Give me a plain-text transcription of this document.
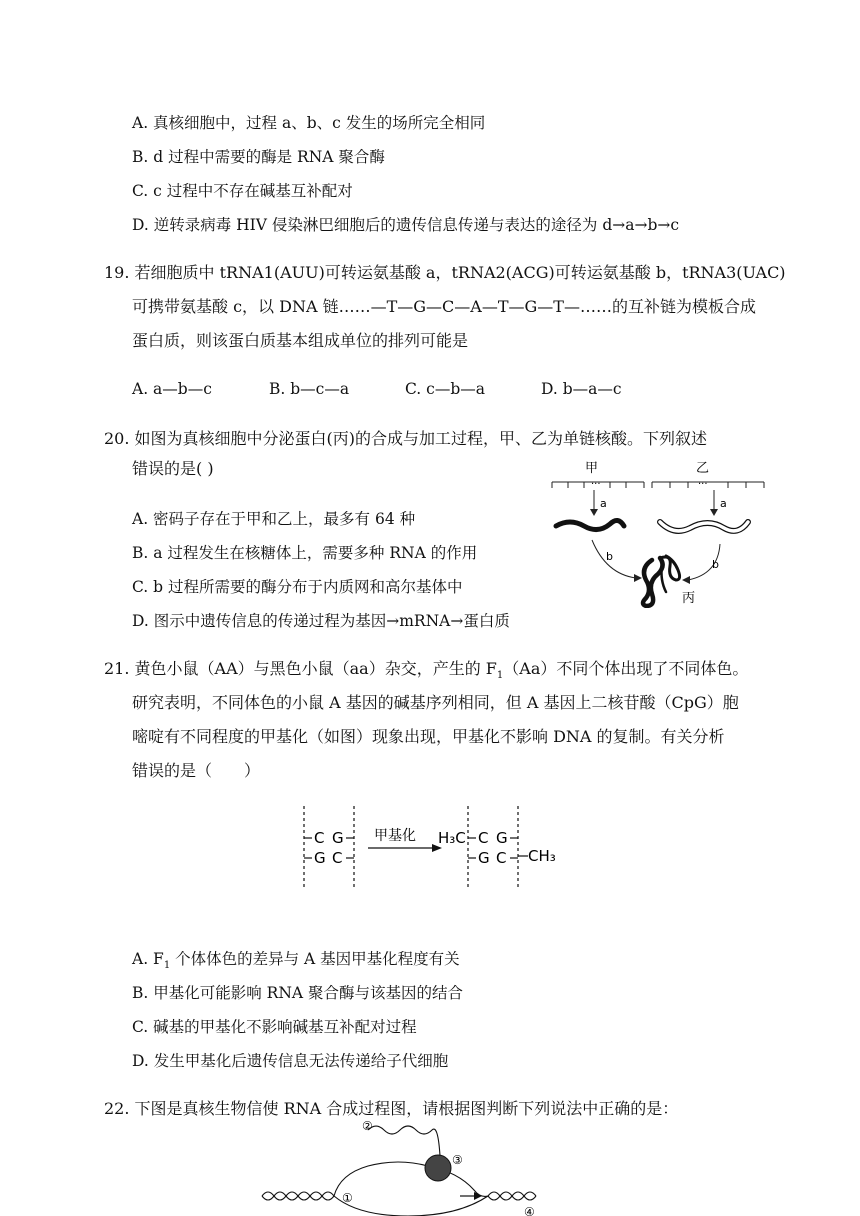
A. 真核细胞中，过程 a、b、c 发生的场所完全相同
B. d 过程中需要的酶是 RNA 聚合酶
C. c 过程中不存在碱基互补配对
D. 逆转录病毒 HIV 侵染淋巴细胞后的遗传信息传递与表达的途径为 d→a→b→c
19. 若细胞质中 tRNA1(AUU)可转运氨基酸 a，tRNA2(ACG)可转运氨基酸 b，tRNA3(UAC)
可携带氨基酸 c，以 DNA 链……—T—G—C—A—T—G—T—……的互补链为模板合成
蛋白质，则该蛋白质基本组成单位的排列可能是
A. a—b—c	B. b—c—a	C. c—b—a	D. b—a—c
20. 如图为真核细胞中分泌蛋白(丙)的合成与加工过程，甲、乙为单链核酸。下列叙述
错误的是( )
A. 密码子存在于甲和乙上，最多有 64 种
B. a 过程发生在核糖体上，需要多种 RNA 的作用
C. b 过程所需要的酶分布于内质网和高尔基体中
D. 图示中遗传信息的传递过程为基因→mRNA→蛋白质
甲	乙
···	···
a	a
b
b
丙
21. 黄色小鼠（AA）与黑色小鼠（aa）杂交，产生的 $F_1(Aa)$不同个体出现了不同体色。
研究表明，不同体色的小鼠 A 基因的碱基序列相同，但 A 基因上二核苷酸（CpG）胞
嘧啶有不同程度的甲基化（如图）现象出现，甲基化不影响 DNA 的复制。有关分析
错误的是（　　）
C G
G C
C G
G C
H₃C
CH₃
甲基化
A. $F_1$ 个体体色的差异与 A 基因甲基化程度有关
B. 甲基化可能影响 RNA 聚合酶与该基因的结合
C. 碱基的甲基化不影响碱基互补配对过程
D. 发生甲基化后遗传信息无法传递给子代细胞
22. 下图是真核生物信使 RNA 合成过程图，请根据图判断下列说法中正确的是：
①
②
③
④
